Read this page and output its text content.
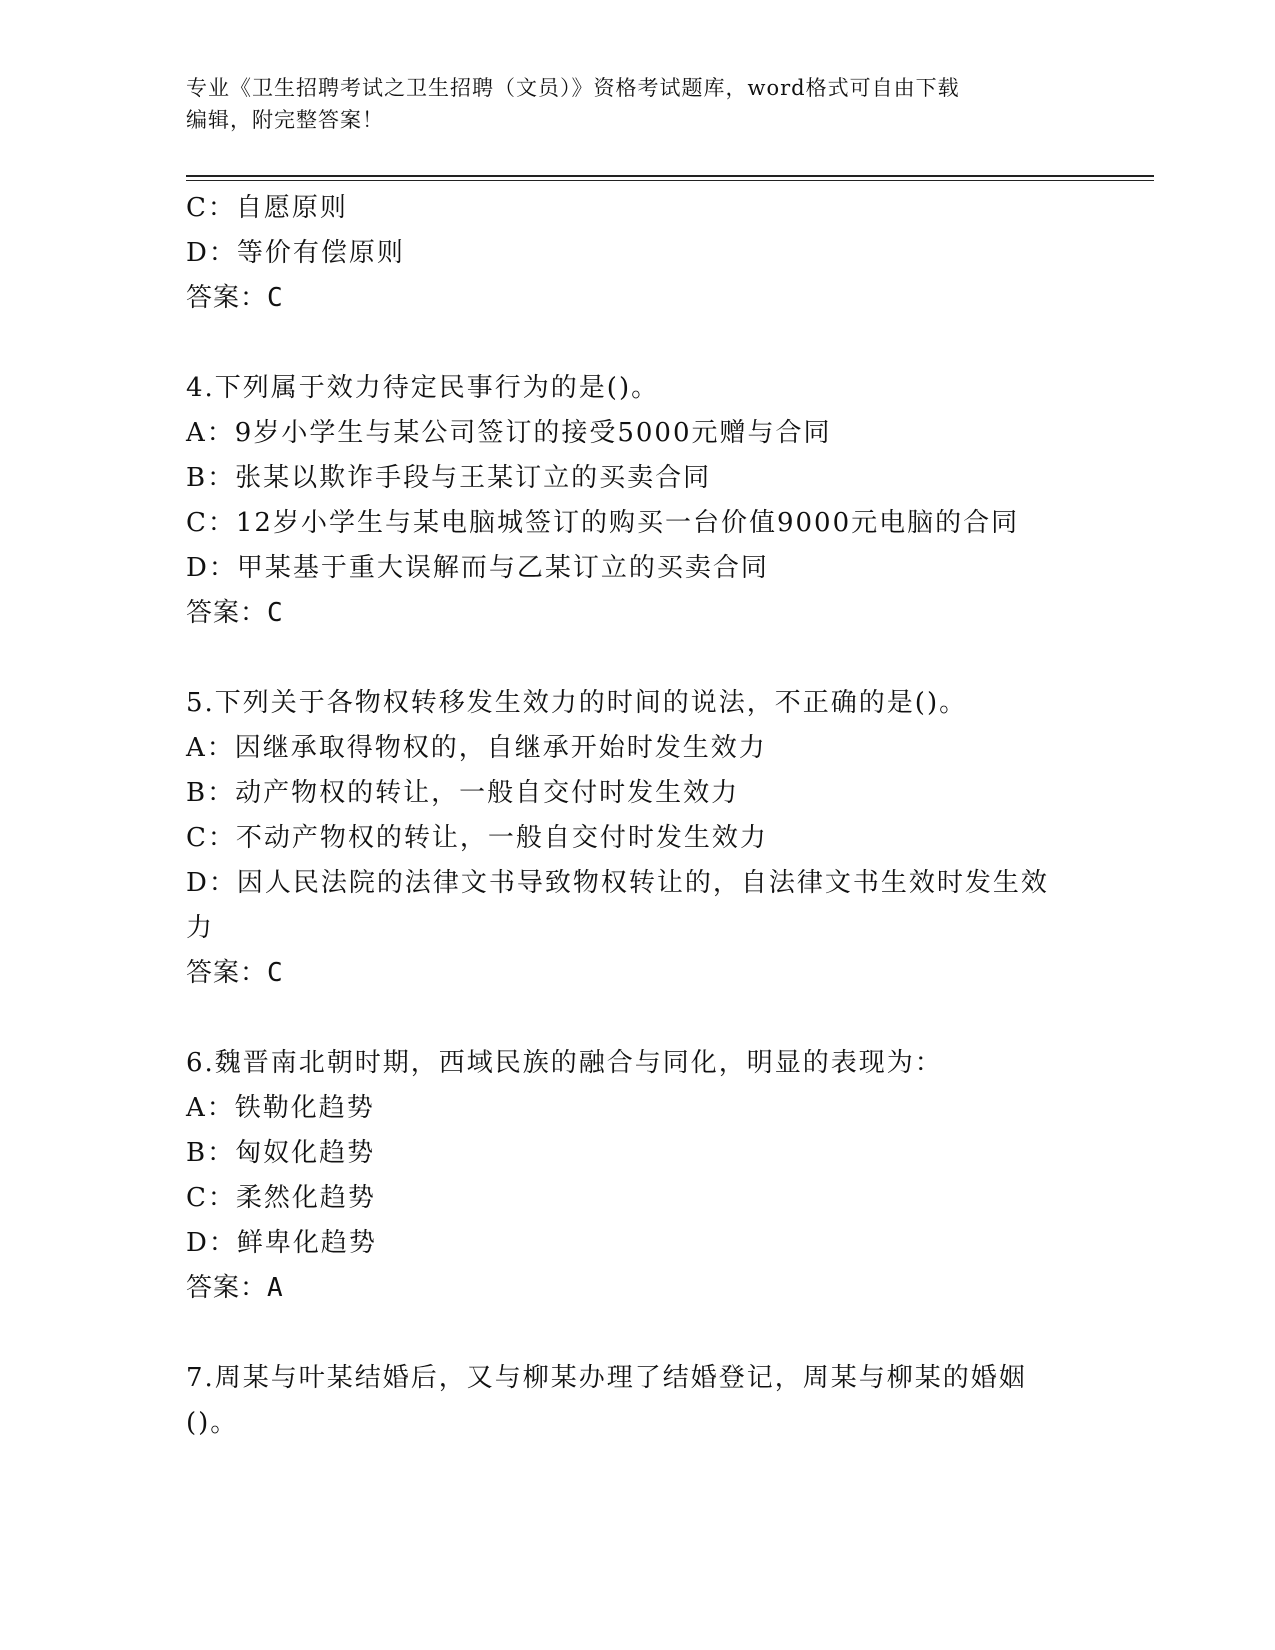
专业《卫生招聘考试之卫生招聘（文员）》资格考试题库，word格式可自由下载
编辑，附完整答案！
C：自愿原则
D：等价有偿原则
答案：C
4.下列属于效力待定民事行为的是()。
A：9岁小学生与某公司签订的接受5000元赠与合同
B：张某以欺诈手段与王某订立的买卖合同
C：12岁小学生与某电脑城签订的购买一台价值9000元电脑的合同
D：甲某基于重大误解而与乙某订立的买卖合同
答案：C
5.下列关于各物权转移发生效力的时间的说法，不正确的是()。
A：因继承取得物权的，自继承开始时发生效力
B：动产物权的转让，一般自交付时发生效力
C：不动产物权的转让，一般自交付时发生效力
D：因人民法院的法律文书导致物权转让的，自法律文书生效时发生效力
答案：C
6.魏晋南北朝时期，西域民族的融合与同化，明显的表现为：
A：铁勒化趋势
B：匈奴化趋势
C：柔然化趋势
D：鲜卑化趋势
答案：A
7.周某与叶某结婚后，又与柳某办理了结婚登记，周某与柳某的婚姻()。
